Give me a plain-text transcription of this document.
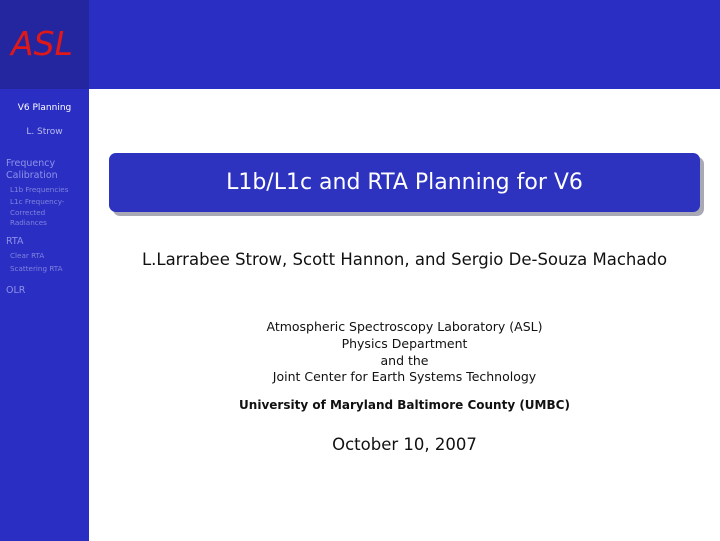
ASL
V6 Planning
L. Strow
Frequency Calibration
L1b Frequencies
L1c Frequency-Corrected Radiances
RTA
Clear RTA
Scattering RTA
OLR
L1b/L1c and RTA Planning for V6
L.Larrabee Strow, Scott Hannon, and Sergio De-Souza Machado
Atmospheric Spectroscopy Laboratory (ASL)
Physics Department
and the
Joint Center for Earth Systems Technology
University of Maryland Baltimore County (UMBC)
October 10, 2007
